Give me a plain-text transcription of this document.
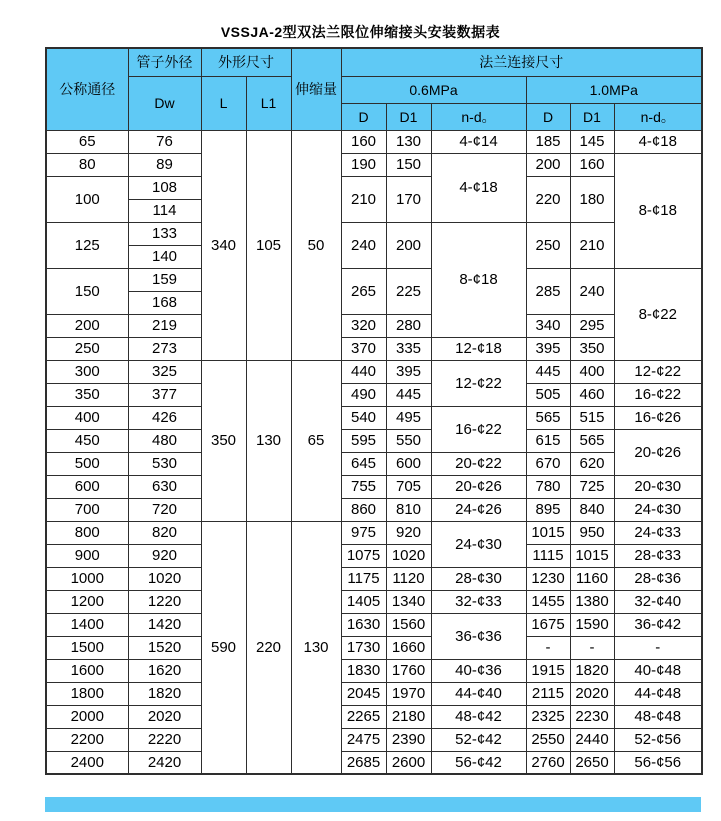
VSSJA-2型双法兰限位伸缩接头安装数据表
公称通径	管子外径	外形尺寸		伸缩量	法兰连接尺寸					
	Dw	L	L1		0.6MPa			1.0MPa		
					D	D1	n-d。	D	D1	n-d。
65	76	340	105	50	160	130	4-¢14	185	145	4-¢18
80	89				190	150	4-¢18	200	160	8-¢18
100	108				210	170		220	180	
	114									
125	133				240	200	8-¢18	250	210	
	140									
150	159				265	225		285	240	8-¢22
	168									
200	219				320	280		340	295	
250	273				370	335	12-¢18	395	350	
300	325	350	130	65	440	395	12-¢22	445	400	12-¢22
350	377				490	445		505	460	16-¢22
400	426				540	495	16-¢22	565	515	16-¢26
450	480				595	550		615	565	20-¢26
500	530				645	600	20-¢22	670	620	
600	630				755	705	20-¢26	780	725	20-¢30
700	720				860	810	24-¢26	895	840	24-¢30
800	820	590	220	130	975	920	24-¢30	1015	950	24-¢33
900	920				1075	1020		1115	1015	28-¢33
1000	1020				1175	1120	28-¢30	1230	1160	28-¢36
1200	1220				1405	1340	32-¢33	1455	1380	32-¢40
1400	1420				1630	1560	36-¢36	1675	1590	36-¢42
1500	1520				1730	1660		-	-	-
1600	1620				1830	1760	40-¢36	1915	1820	40-¢48
1800	1820				2045	1970	44-¢40	2115	2020	44-¢48
2000	2020				2265	2180	48-¢42	2325	2230	48-¢48
2200	2220				2475	2390	52-¢42	2550	2440	52-¢56
2400	2420				2685	2600	56-¢42	2760	2650	56-¢56
